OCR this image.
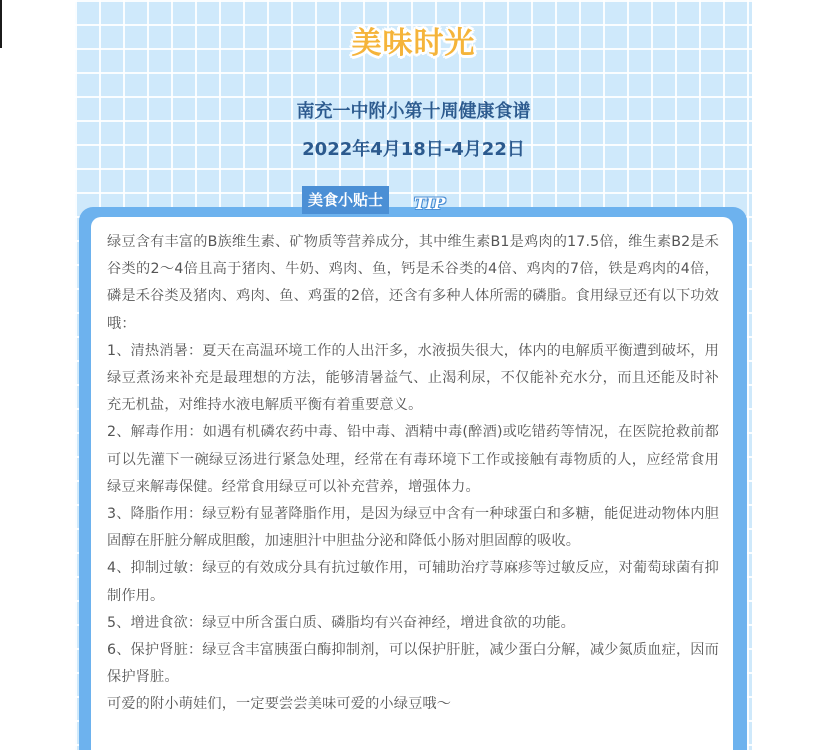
美味时光
南充一中附小第十周健康食谱
2022年4月18日-4月22日

绿豆含有丰富的B族维生素、矿物质等营养成分，其中维生素B1是鸡肉的17.5倍，维生素B2是禾谷类的2～4倍且高于猪肉、牛奶、鸡肉、鱼，钙是禾谷类的4倍、鸡肉的7倍，铁是鸡肉的4倍，磷是禾谷类及猪肉、鸡肉、鱼、鸡蛋的2倍，还含有多种人体所需的磷脂。食用绿豆还有以下功效哦：

1、清热消暑：夏天在高温环境工作的人出汗多，水液损失很大，体内的电解质平衡遭到破坏，用绿豆煮汤来补充是最理想的方法，能够清暑益气、止渴利尿，不仅能补充水分，而且还能及时补充无机盐，对维持水液电解质平衡有着重要意义。

2、解毒作用：如遇有机磷农药中毒、铅中毒、酒精中毒(醉酒)或吃错药等情况，在医院抢救前都可以先灌下一碗绿豆汤进行紧急处理，经常在有毒环境下工作或接触有毒物质的人，应经常食用绿豆来解毒保健。经常食用绿豆可以补充营养，增强体力。

3、降脂作用：绿豆粉有显著降脂作用，是因为绿豆中含有一种球蛋白和多糖，能促进动物体内胆固醇在肝脏分解成胆酸，加速胆汁中胆盐分泌和降低小肠对胆固醇的吸收。

4、抑制过敏：绿豆的有效成分具有抗过敏作用，可辅助治疗荨麻疹等过敏反应，对葡萄球菌有抑制作用。

5、增进食欲：绿豆中所含蛋白质、磷脂均有兴奋神经，增进食欲的功能。

6、保护肾脏：绿豆含丰富胰蛋白酶抑制剂，可以保护肝脏，减少蛋白分解，减少氮质血症，因而保护肾脏。

可爱的附小萌娃们，一定要尝尝美味可爱的小绿豆哦～

美食小贴士 TIP
